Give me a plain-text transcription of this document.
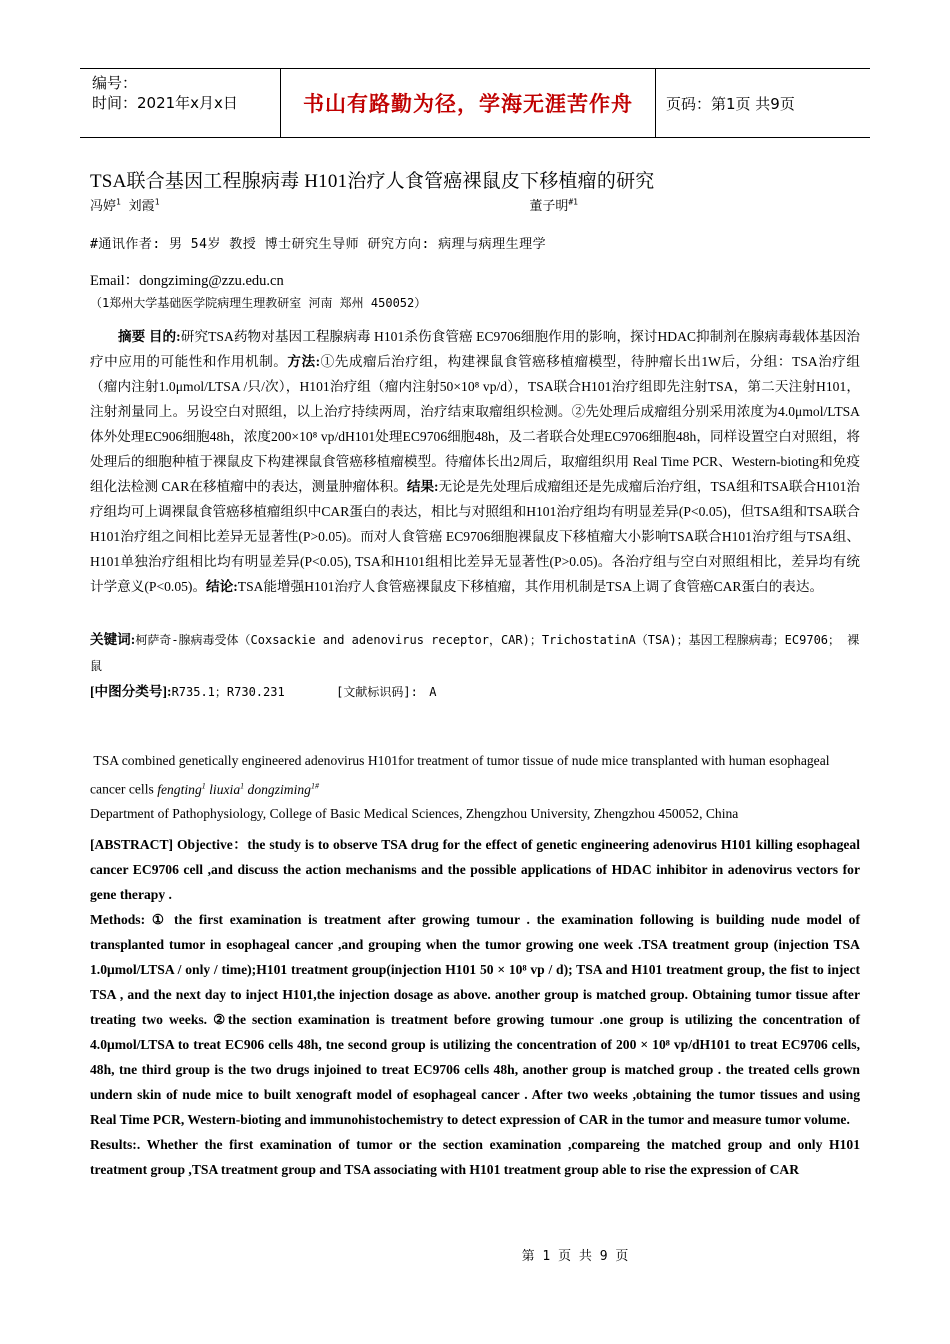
编号：
时间：2021年x月x日	书山有路勤为径，学海无涯苦作舟	页码：第1页 共9页
TSA联合基因工程腺病毒 H101治疗人食管癌裸鼠皮下移植瘤的研究
冯婷$^1$ 刘霞$^1$	董子明$^{\#1}$
#通讯作者: 男 54岁 教授 博士研究生导师 研究方向: 病理与病理生理学
Email：dongziming@zzu.edu.cn
（1郑州大学基础医学院病理生理教研室 河南 郑州 450052）
摘要 目的:研究TSA药物对基因工程腺病毒 H101杀伤食管癌 EC9706细胞作用的影响，探讨HDAC抑制剂在腺病毒载体基因治疗中应用的可能性和作用机制。方法:①先成瘤后治疗组，构建裸鼠食管癌移植瘤模型，待肿瘤长出1W后，分组：TSA治疗组（瘤内注射1.0μmol/LTSA /只/次），H101治疗组（瘤内注射50×10⁸ vp/d），TSA联合H101治疗组即先注射TSA，第二天注射H101，注射剂量同上。另设空白对照组，以上治疗持续两周，治疗结束取瘤组织检测。②先处理后成瘤组分别采用浓度为4.0μmol/LTSA体外处理EC906细胞48h，浓度200×10⁸ vp/dH101处理EC9706细胞48h，及二者联合处理EC9706细胞48h，同样设置空白对照组，将处理后的细胞种植于裸鼠皮下构建裸鼠食管癌移植瘤模型。待瘤体长出2周后，取瘤组织用 Real Time PCR、Western-bioting和免疫组化法检测 CAR在移植瘤中的表达，测量肿瘤体积。结果:无论是先处理后成瘤组还是先成瘤后治疗组，TSA组和TSA联合H101治疗组均可上调裸鼠食管癌移植瘤组织中CAR蛋白的表达，相比与对照组和H101治疗组均有明显差异(P<0.05)，但TSA组和TSA联合H101治疗组之间相比差异无显著性(P>0.05)。而对人食管癌 EC9706细胞裸鼠皮下移植瘤大小影响TSA联合H101治疗组与TSA组、H101单独治疗组相比均有明显差异(P<0.05), TSA和H101组相比差异无显著性(P>0.05)。各治疗组与空白对照组相比，差异均有统计学意义(P<0.05)。结论:TSA能增强H101治疗人食管癌裸鼠皮下移植瘤，其作用机制是TSA上调了食管癌CAR蛋白的表达。
关键词:柯萨奇-腺病毒受体（Coxsackie and adenovirus receptor，CAR)；TrichostatinA（TSA)；基因工程腺病毒；EC9706； 裸鼠
[中图分类号]:R735.1；R730.231	[文献标识码]: A
TSA combined genetically engineered adenovirus H101for treatment of tumor tissue of nude mice transplanted with human esophageal cancer cells fengting$^1$ liuxia$^1$ dongziming$^{1\#}$
Department of Pathophysiology, College of Basic Medical Sciences, Zhengzhou University, Zhengzhou 450052, China

[ABSTRACT] Objective：the study is to observe TSA drug for the effect of genetic engineering adenovirus H101 killing esophageal cancer EC9706 cell ,and discuss the action mechanisms and the possible applications of HDAC inhibitor in adenovirus vectors for gene therapy .

Methods: ① the first examination is treatment after growing tumour . the examination following is building nude model of transplanted tumor in esophageal cancer ,and grouping when the tumor growing one week .TSA treatment group (injection TSA 1.0μmol/LTSA / only / time);H101 treatment group(injection H101 50 × 10⁸ vp / d); TSA and H101 treatment group, the fist to inject TSA , and the next day to inject H101,the injection dosage as above. another group is matched group. Obtaining tumor tissue after treating two weeks. ②the section examination is treatment before growing tumour .one group is utilizing the concentration of 4.0μmol/LTSA to treat EC906 cells 48h, tne second group is utilizing the concentration of 200 × 10⁸ vp/dH101 to treat EC9706 cells, 48h, tne third group is the two drugs injoined to treat EC9706 cells 48h, another group is matched group . the treated cells grown undern skin of nude mice to built xenograft model of esophageal cancer . After two weeks ,obtaining the tumor tissues and using Real Time PCR, Western-bioting and immunohistochemistry to detect expression of CAR in the tumor and measure tumor volume.

Results:. Whether the first examination of tumor or the section examination ,compareing the matched group and only H101 treatment group ,TSA treatment group and TSA associating with H101 treatment group able to rise the expression of CAR

第 1 页 共 9 页
